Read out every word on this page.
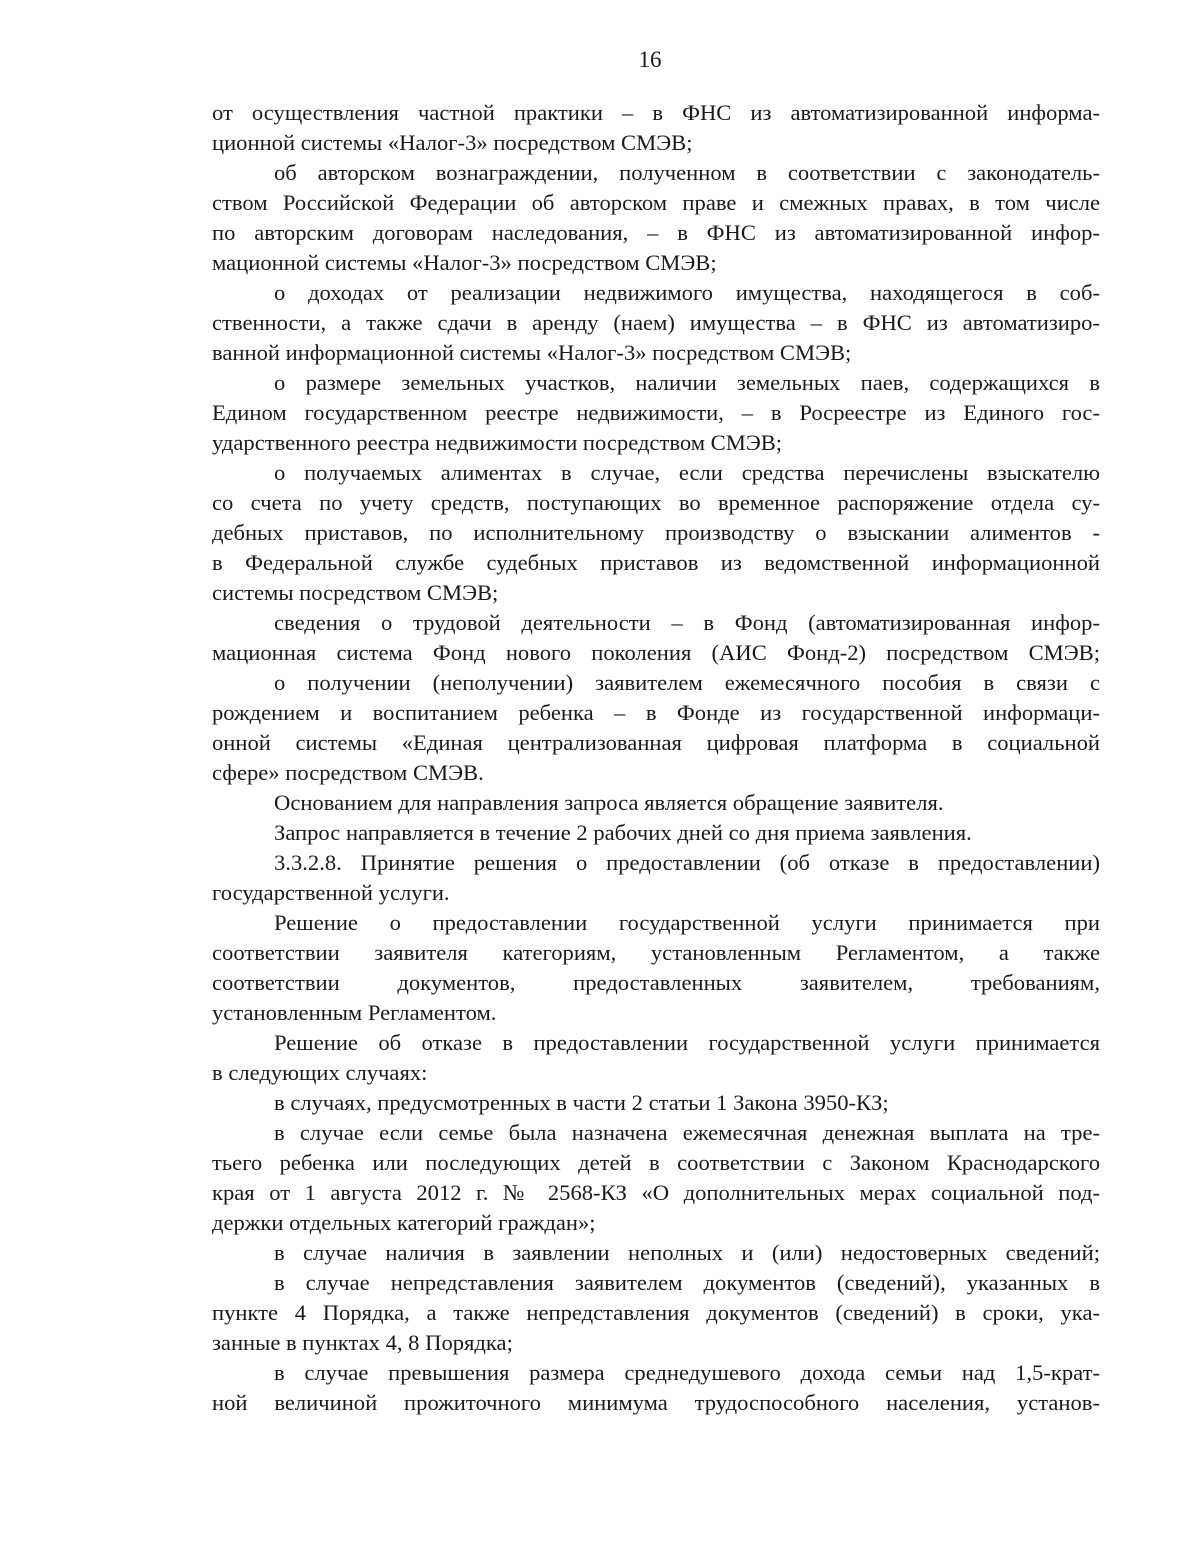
16
от осуществления частной практики – в ФНС из автоматизированной информа-
ционной системы «Налог-3» посредством СМЭВ;
об авторском вознаграждении, полученном в соответствии с законодатель-
ством Российской Федерации об авторском праве и смежных правах, в том числе
по авторским договорам наследования, – в ФНС из автоматизированной инфор-
мационной системы «Налог-3» посредством СМЭВ;
о доходах от реализации недвижимого имущества, находящегося в соб-
ственности, а также сдачи в аренду (наем) имущества – в ФНС из автоматизиро-
ванной информационной системы «Налог-3» посредством СМЭВ;
о размере земельных участков, наличии земельных паев, содержащихся в
Едином государственном реестре недвижимости, – в Росреестре из Единого гос-
ударственного реестра недвижимости посредством СМЭВ;
о получаемых алиментах в случае, если средства перечислены взыскателю
со счета по учету средств, поступающих во временное распоряжение отдела су-
дебных приставов, по исполнительному производству о взыскании алиментов -
в Федеральной службе судебных приставов из ведомственной информационной
системы посредством СМЭВ;
сведения о трудовой деятельности – в Фонд (автоматизированная инфор-
мационная система Фонд нового поколения (АИС Фонд-2) посредством СМЭВ;
о получении (неполучении) заявителем ежемесячного пособия в связи с
рождением и воспитанием ребенка – в Фонде из государственной информаци-
онной системы «Единая централизованная цифровая платформа в социальной
сфере» посредством СМЭВ.
Основанием для направления запроса является обращение заявителя.
Запрос направляется в течение 2 рабочих дней со дня приема заявления.
3.3.2.8. Принятие решения о предоставлении (об отказе в предоставлении)
государственной услуги.
Решение о предоставлении государственной услуги принимается при
соответствии заявителя категориям, установленным Регламентом, а также
соответствии документов, предоставленных заявителем, требованиям,
установленным Регламентом.
Решение об отказе в предоставлении государственной услуги принимается
в следующих случаях:
в случаях, предусмотренных в части 2 статьи 1 Закона 3950-КЗ;
в случае если семье была назначена ежемесячная денежная выплата на тре-
тьего ребенка или последующих детей в соответствии с Законом Краснодарского
края от 1 августа 2012 г. № 2568-КЗ «О дополнительных мерах социальной под-
держки отдельных категорий граждан»;
в случае наличия в заявлении неполных и (или) недостоверных сведений;
в случае непредставления заявителем документов (сведений), указанных в
пункте 4 Порядка, а также непредставления документов (сведений) в сроки, ука-
занные в пунктах 4, 8 Порядка;
в случае превышения размера среднедушевого дохода семьи над 1,5-крат-
ной величиной прожиточного минимума трудоспособного населения, установ-
